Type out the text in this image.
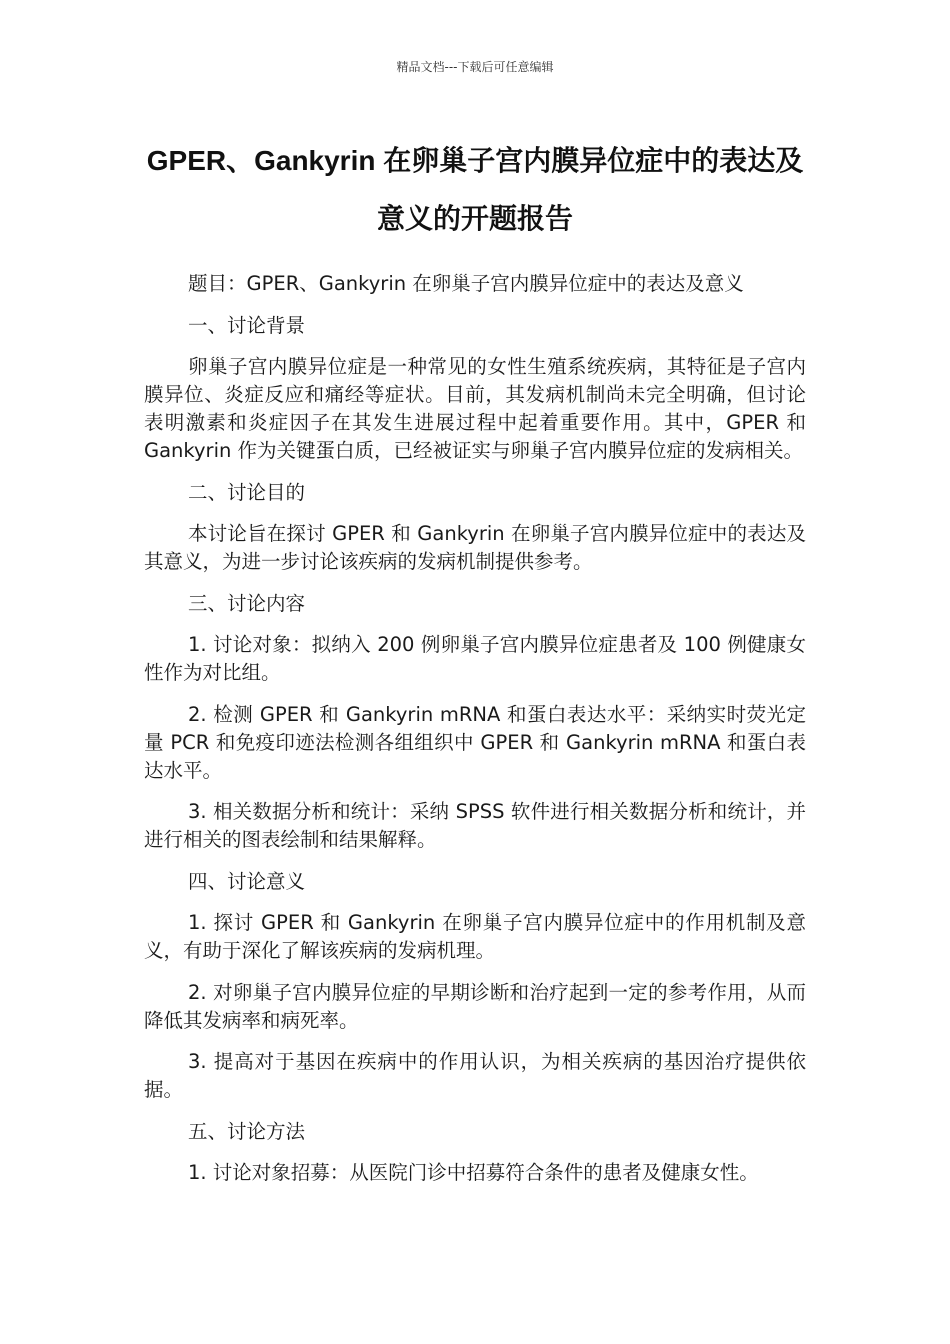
精品文档---下载后可任意编辑
GPER、Gankyrin 在卵巢子宫内膜异位症中的表达及意义的开题报告

题目：GPER、Gankyrin 在卵巢子宫内膜异位症中的表达及意义

一、讨论背景

卵巢子宫内膜异位症是一种常见的女性生殖系统疾病，其特征是子宫内膜异位、炎症反应和痛经等症状。目前，其发病机制尚未完全明确，但讨论表明激素和炎症因子在其发生进展过程中起着重要作用。其中，GPER 和 Gankyrin 作为关键蛋白质，已经被证实与卵巢子宫内膜异位症的发病相关。

二、讨论目的

本讨论旨在探讨 GPER 和 Gankyrin 在卵巢子宫内膜异位症中的表达及其意义，为进一步讨论该疾病的发病机制提供参考。

三、讨论内容

1. 讨论对象：拟纳入 200 例卵巢子宫内膜异位症患者及 100 例健康女性作为对比组。

2. 检测 GPER 和 Gankyrin mRNA 和蛋白表达水平：采纳实时荧光定量 PCR 和免疫印迹法检测各组组织中 GPER 和 Gankyrin mRNA 和蛋白表达水平。

3. 相关数据分析和统计：采纳 SPSS 软件进行相关数据分析和统计，并进行相关的图表绘制和结果解释。

四、讨论意义

1. 探讨 GPER 和 Gankyrin 在卵巢子宫内膜异位症中的作用机制及意义，有助于深化了解该疾病的发病机理。

2. 对卵巢子宫内膜异位症的早期诊断和治疗起到一定的参考作用，从而降低其发病率和病死率。

3. 提高对于基因在疾病中的作用认识，为相关疾病的基因治疗提供依据。

五、讨论方法

1. 讨论对象招募：从医院门诊中招募符合条件的患者及健康女性。
